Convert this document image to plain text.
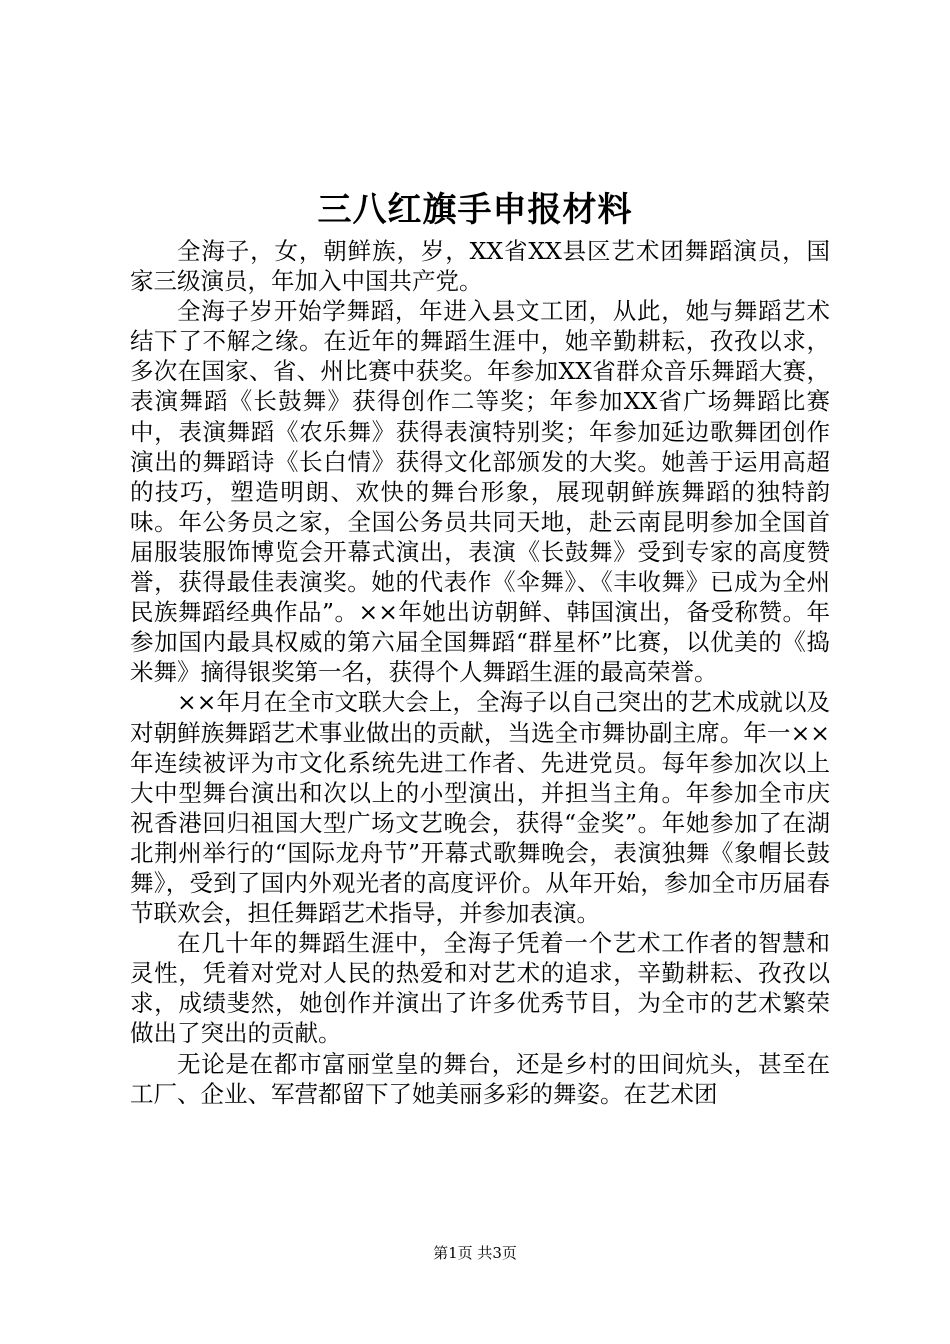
三八红旗手申报材料

全海子，女，朝鲜族，岁，XX省XX县区艺术团舞蹈演员，国家三级演员，年加入中国共产党。

全海子岁开始学舞蹈，年进入县文工团，从此，她与舞蹈艺术结下了不解之缘。在近年的舞蹈生涯中，她辛勤耕耘，孜孜以求，多次在国家、省、州比赛中获奖。年参加XX省群众音乐舞蹈大赛，表演舞蹈《长鼓舞》获得创作二等奖；年参加XX省广场舞蹈比赛中，表演舞蹈《农乐舞》获得表演特别奖；年参加延边歌舞团创作演出的舞蹈诗《长白情》获得文化部颁发的大奖。她善于运用高超的技巧，塑造明朗、欢快的舞台形象，展现朝鲜族舞蹈的独特韵味。年公务员之家，全国公务员共同天地，赴云南昆明参加全国首届服装服饰博览会开幕式演出，表演《长鼓舞》受到专家的高度赞誉，获得最佳表演奖。她的代表作《伞舞》、《丰收舞》已成为全州民族舞蹈经典作品”。××年她出访朝鲜、韩国演出，备受称赞。年参加国内最具权威的第六届全国舞蹈“群星杯”比赛，以优美的《捣米舞》摘得银奖第一名，获得个人舞蹈生涯的最高荣誉。

××年月在全市文联大会上，全海子以自己突出的艺术成就以及对朝鲜族舞蹈艺术事业做出的贡献，当选全市舞协副主席。年一××年连续被评为市文化系统先进工作者、先进党员。每年参加次以上大中型舞台演出和次以上的小型演出，并担当主角。年参加全市庆祝香港回归祖国大型广场文艺晚会，获得“金奖”。年她参加了在湖北荆州举行的“国际龙舟节”开幕式歌舞晚会，表演独舞《象帽长鼓舞》，受到了国内外观光者的高度评价。从年开始，参加全市历届春节联欢会，担任舞蹈艺术指导，并参加表演。

在几十年的舞蹈生涯中，全海子凭着一个艺术工作者的智慧和灵性，凭着对党对人民的热爱和对艺术的追求，辛勤耕耘、孜孜以求，成绩斐然，她创作并演出了许多优秀节目，为全市的艺术繁荣做出了突出的贡献。

无论是在都市富丽堂皇的舞台，还是乡村的田间炕头，甚至在工厂、企业、军营都留下了她美丽多彩的舞姿。在艺术团

第1页 共3页
